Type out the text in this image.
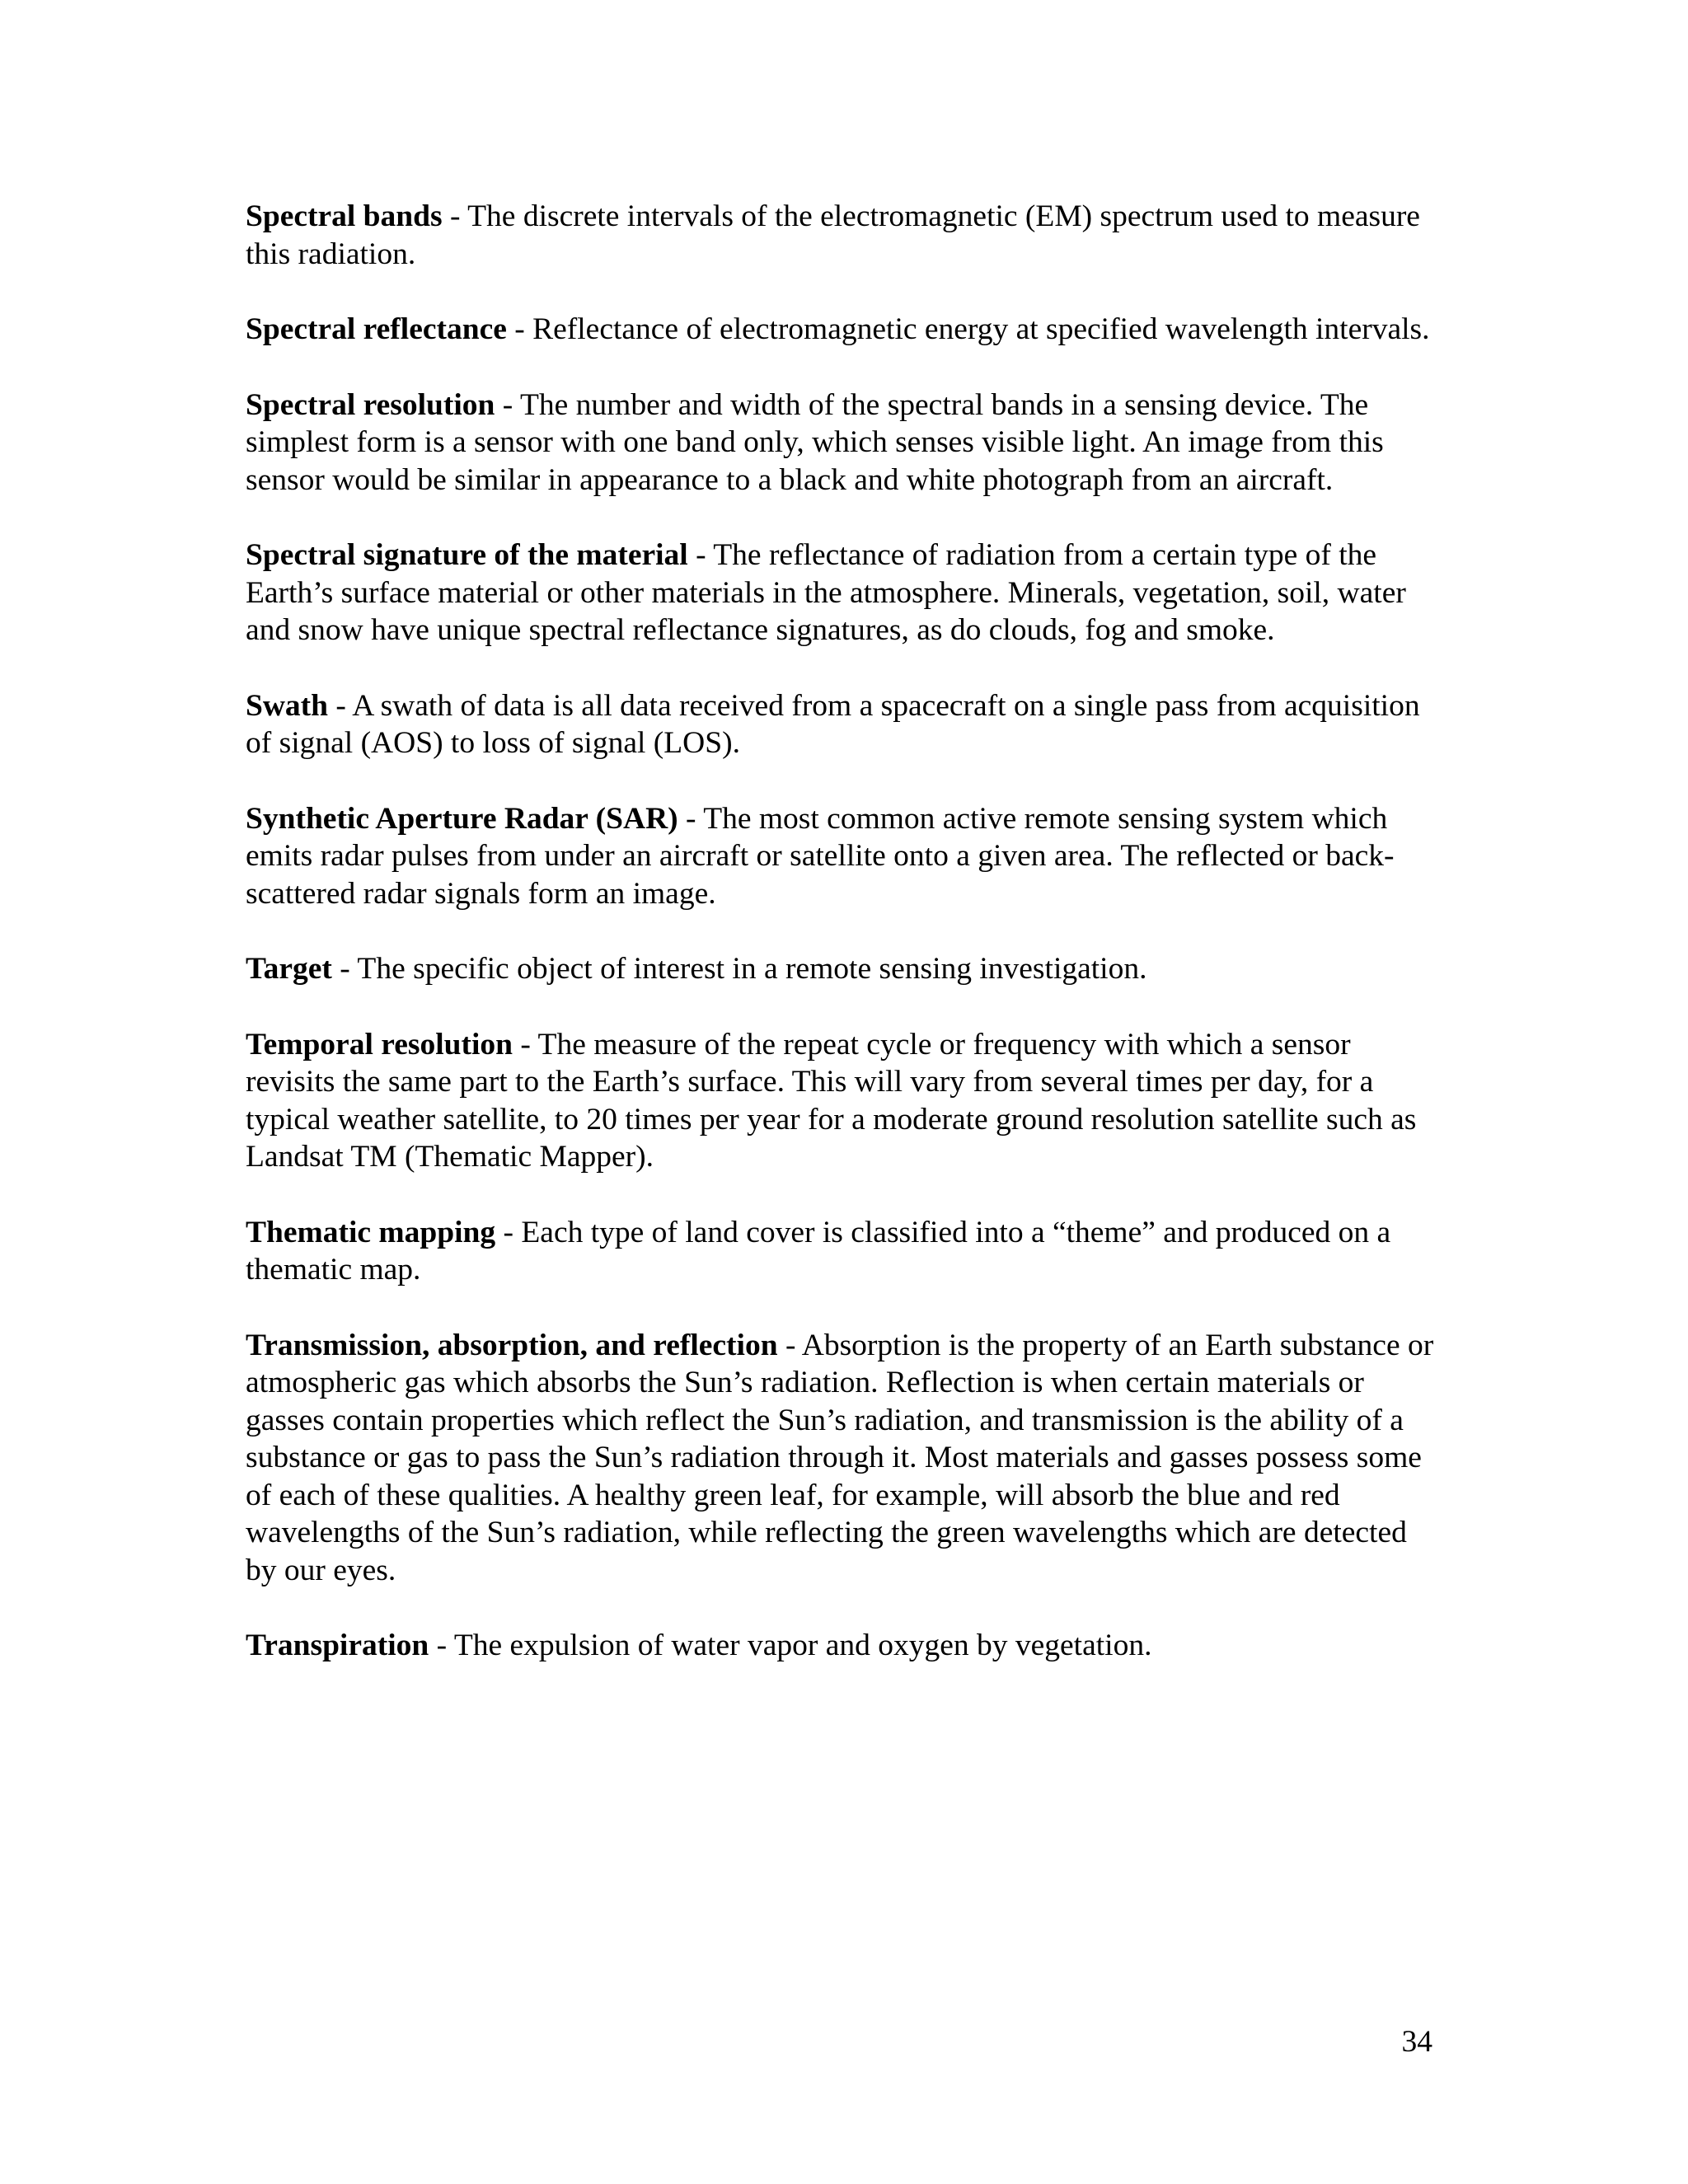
Spectral bands - The discrete intervals of the electromagnetic (EM) spectrum used to measure this radiation.

Spectral reflectance - Reflectance of electromagnetic energy at specified wavelength intervals.

Spectral resolution - The number and width of the spectral bands in a sensing device. The simplest form is a sensor with one band only, which senses visible light. An image from this sensor would be similar in appearance to a black and white photograph from an aircraft.

Spectral signature of the material - The reflectance of radiation from a certain type of the Earth’s surface material or other materials in the atmosphere. Minerals, vegetation, soil, water and snow have unique spectral reflectance signatures, as do clouds, fog and smoke.

Swath - A swath of data is all data received from a spacecraft on a single pass from acquisition of signal (AOS) to loss of signal (LOS).

Synthetic Aperture Radar (SAR) - The most common active remote sensing system which emits radar pulses from under an aircraft or satellite onto a given area. The reflected or back-scattered radar signals form an image.

Target - The specific object of interest in a remote sensing investigation.

Temporal resolution - The measure of the repeat cycle or frequency with which a sensor revisits the same part to the Earth’s surface. This will vary from several times per day, for a typical weather satellite, to 20 times per year for a moderate ground resolution satellite such as Landsat TM (Thematic Mapper).

Thematic mapping - Each type of land cover is classified into a “theme” and produced on a thematic map.

Transmission, absorption, and reflection - Absorption is the property of an Earth substance or atmospheric gas which absorbs the Sun’s radiation. Reflection is when certain materials or gasses contain properties which reflect the Sun’s radiation, and transmission is the ability of a substance or gas to pass the Sun’s radiation through it. Most materials and gasses possess some of each of these qualities. A healthy green leaf, for example, will absorb the blue and red wavelengths of the Sun’s radiation, while reflecting the green wavelengths which are detected by our eyes.

Transpiration - The expulsion of water vapor and oxygen by vegetation.

34
